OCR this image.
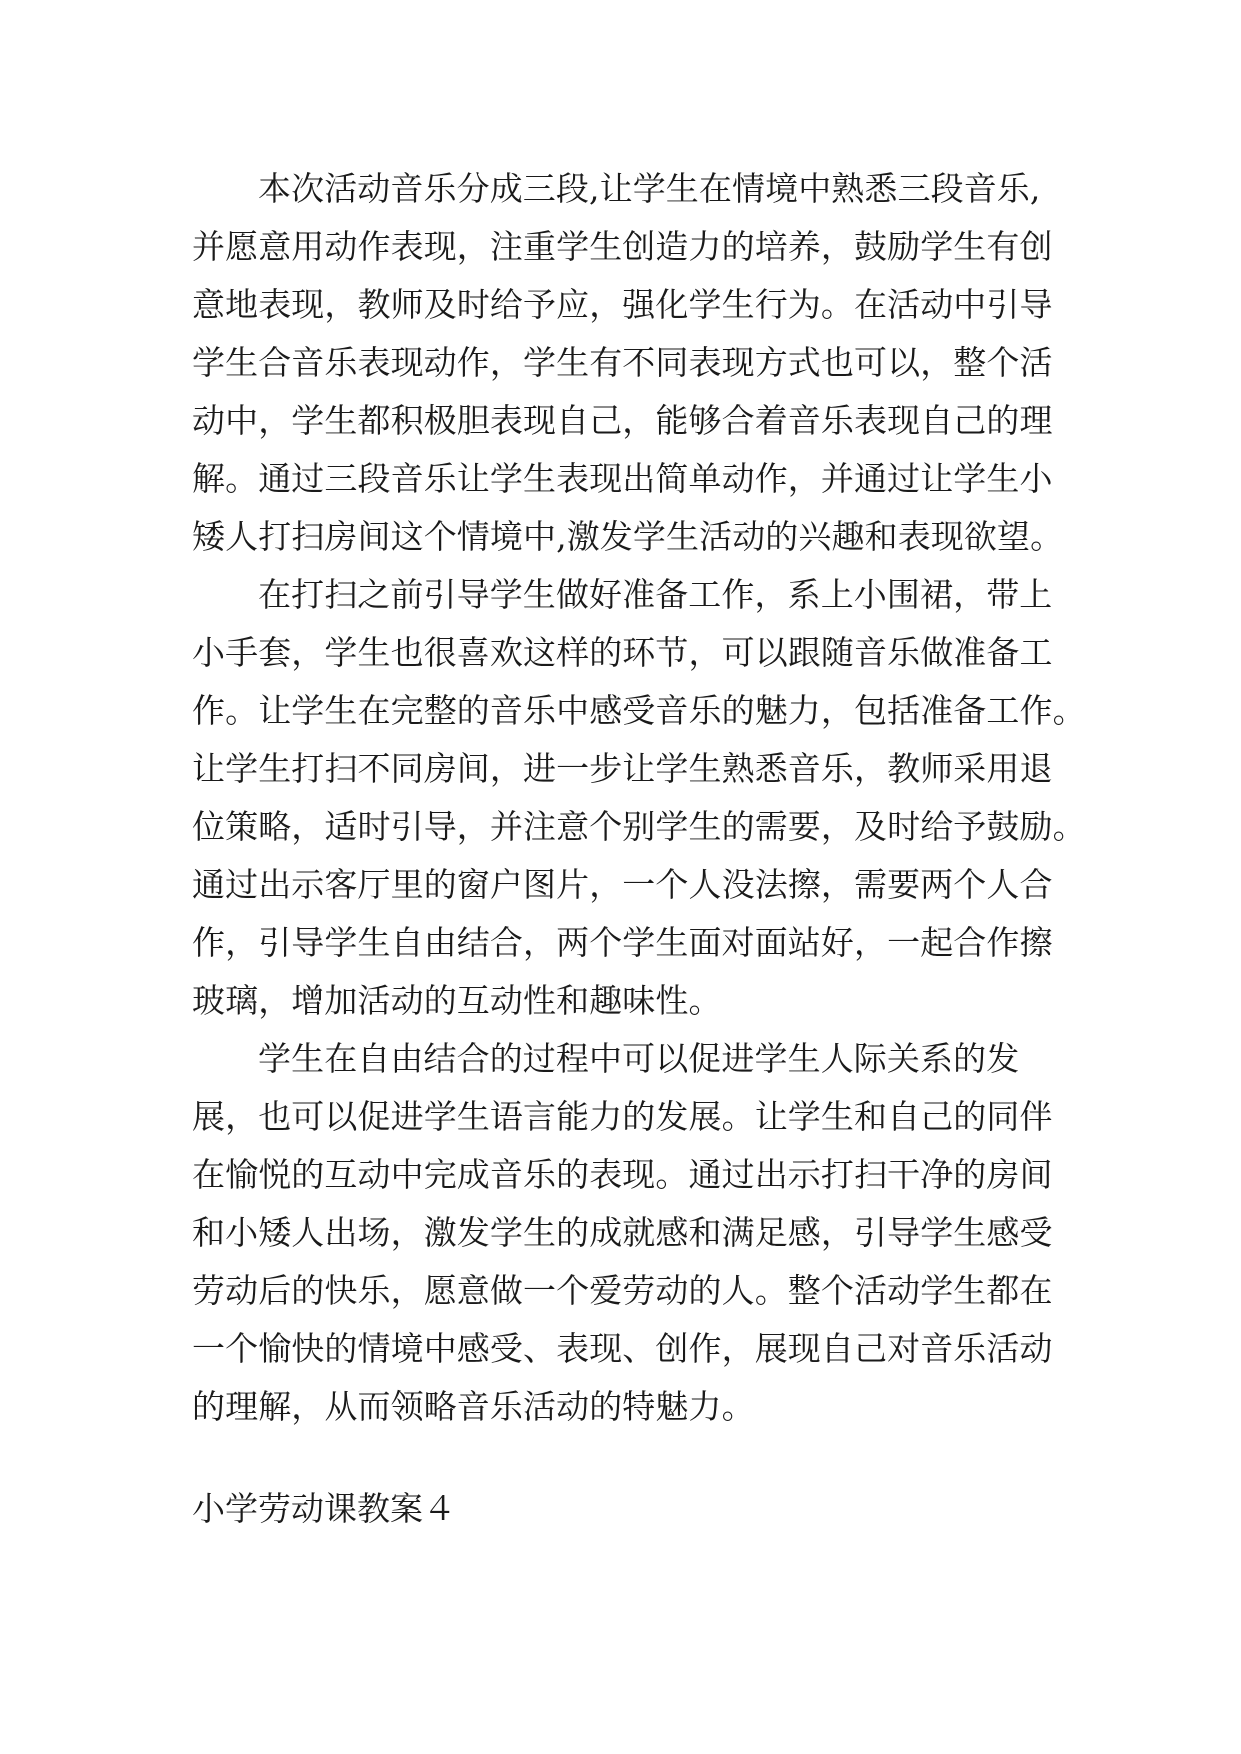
本次活动音乐分成三段,让学生在情境中熟悉三段音乐,
并愿意用动作表现，注重学生创造力的培养，鼓励学生有创
意地表现，教师及时给予应，强化学生行为。在活动中引导
学生合音乐表现动作，学生有不同表现方式也可以，整个活
动中，学生都积极胆表现自己，能够合着音乐表现自己的理
解。通过三段音乐让学生表现出简单动作，并通过让学生小
矮人打扫房间这个情境中,激发学生活动的兴趣和表现欲望。
在打扫之前引导学生做好准备工作，系上小围裙，带上
小手套，学生也很喜欢这样的环节，可以跟随音乐做准备工
作。让学生在完整的音乐中感受音乐的魅力，包括准备工作。
让学生打扫不同房间，进一步让学生熟悉音乐，教师采用退
位策略，适时引导，并注意个别学生的需要，及时给予鼓励。
通过出示客厅里的窗户图片，一个人没法擦，需要两个人合
作，引导学生自由结合，两个学生面对面站好，一起合作擦
玻璃，增加活动的互动性和趣味性。
学生在自由结合的过程中可以促进学生人际关系的发
展，也可以促进学生语言能力的发展。让学生和自己的同伴
在愉悦的互动中完成音乐的表现。通过出示打扫干净的房间
和小矮人出场，激发学生的成就感和满足感，引导学生感受
劳动后的快乐，愿意做一个爱劳动的人。整个活动学生都在
一个愉快的情境中感受、表现、创作，展现自己对音乐活动
的理解，从而领略音乐活动的特魅力。
小学劳动课教案４
